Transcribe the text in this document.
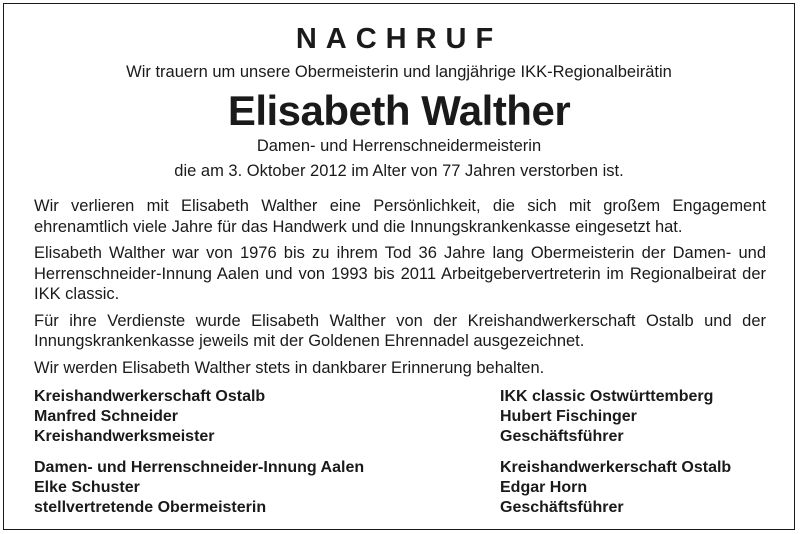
NACHRUF
Wir trauern um unsere Obermeisterin und langjährige IKK-Regionalbeirätin
Elisabeth Walther
Damen- und Herrenschneidermeisterin
die am 3. Oktober 2012 im Alter von 77 Jahren verstorben ist.

Wir verlieren mit Elisabeth Walther eine Persönlichkeit, die sich mit großem Engagement ehrenamtlich viele Jahre für das Handwerk und die Innungskrankenkasse eingesetzt hat.

Elisabeth Walther war von 1976 bis zu ihrem Tod 36 Jahre lang Obermeisterin der Damen- und Herrenschneider-Innung Aalen und von 1993 bis 2011 Arbeitgebervertreterin im Regionalbeirat der IKK classic.

Für ihre Verdienste wurde Elisabeth Walther von der Kreishandwerkerschaft Ostalb und der Innungskrankenkasse jeweils mit der Goldenen Ehrennadel ausgezeichnet.

Wir werden Elisabeth Walther stets in dankbarer Erinnerung behalten.

Kreishandwerkerschaft Ostalb
Manfred Schneider
Kreishandwerksmeister
IKK classic Ostwürttemberg
Hubert Fischinger
Geschäftsführer
Damen- und Herrenschneider-Innung Aalen
Elke Schuster
stellvertretende Obermeisterin
Kreishandwerkerschaft Ostalb
Edgar Horn
Geschäftsführer
